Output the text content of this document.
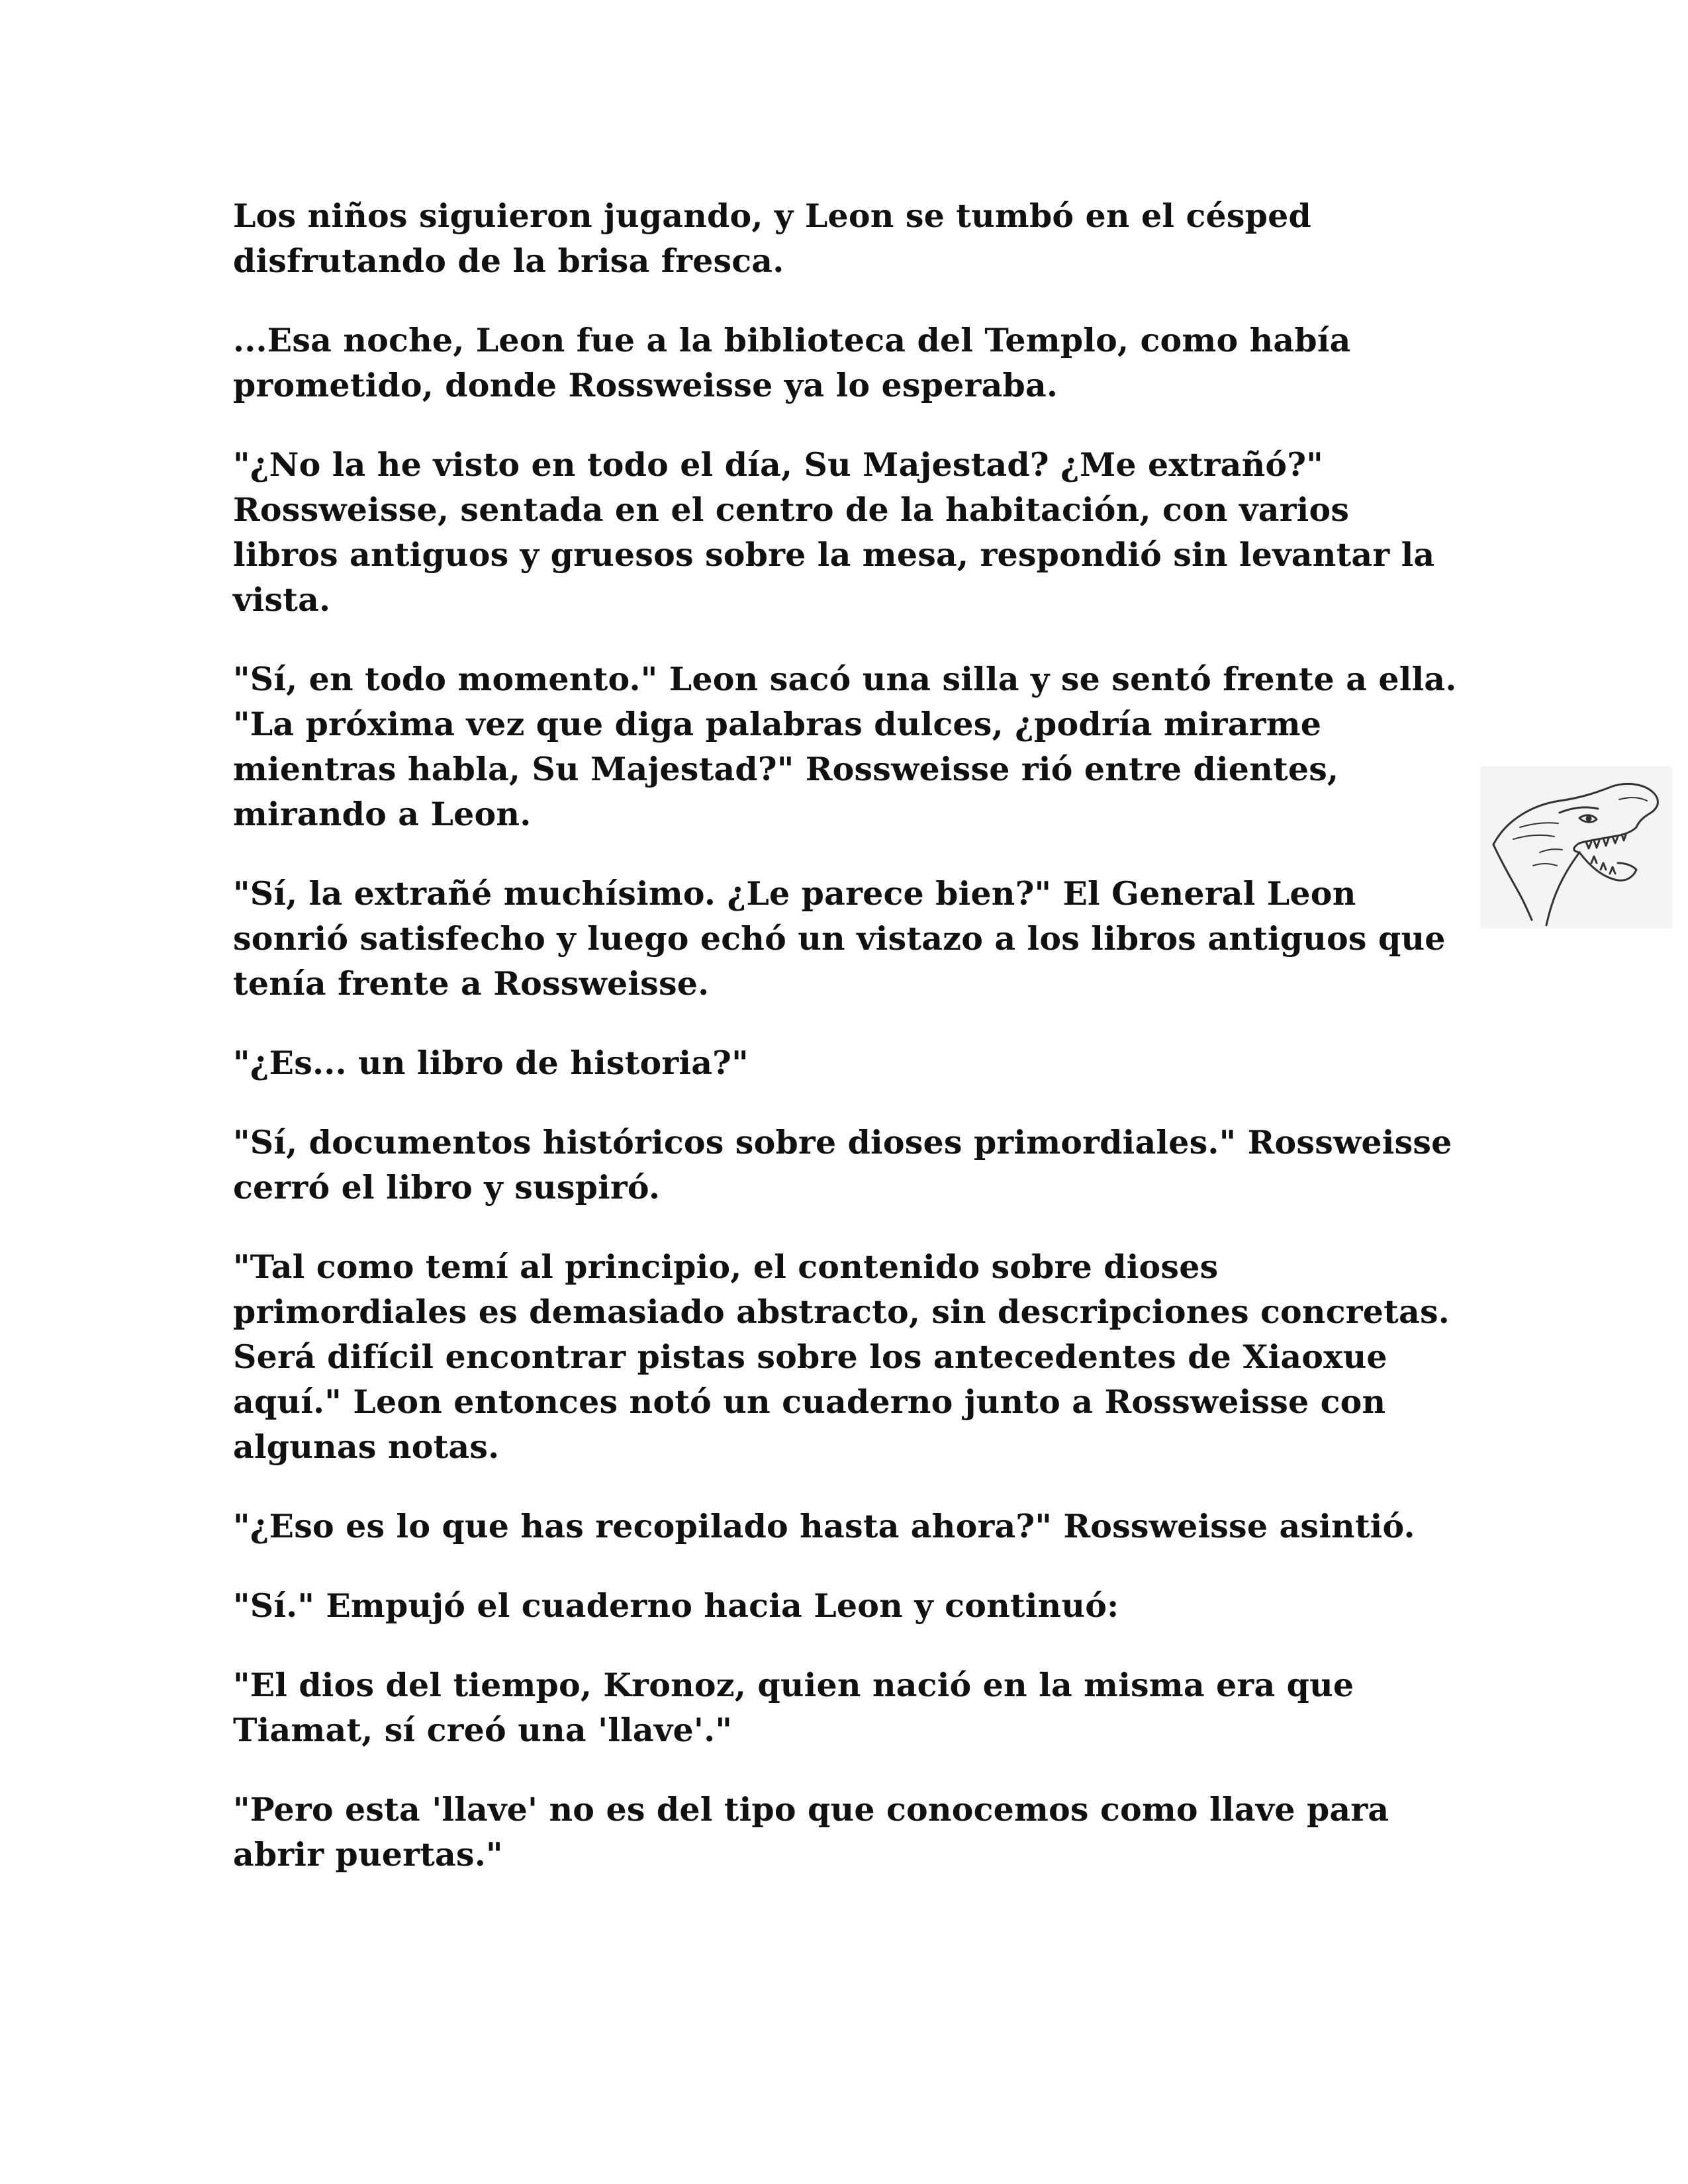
Los niños siguieron jugando, y Leon se tumbó en el césped disfrutando de la brisa fresca.

...Esa noche, Leon fue a la biblioteca del Templo, como había prometido, donde Rossweisse ya lo esperaba.

"¿No la he visto en todo el día, Su Majestad? ¿Me extrañó?" Rossweisse, sentada en el centro de la habitación, con varios libros antiguos y gruesos sobre la mesa, respondió sin levantar la vista.

"Sí, en todo momento." Leon sacó una silla y se sentó frente a ella. "La próxima vez que diga palabras dulces, ¿podría mirarme mientras habla, Su Majestad?" Rossweisse rió entre dientes, mirando a Leon.

"Sí, la extrañé muchísimo. ¿Le parece bien?" El General Leon sonrió satisfecho y luego echó un vistazo a los libros antiguos que tenía frente a Rossweisse.

"¿Es... un libro de historia?"

"Sí, documentos históricos sobre dioses primordiales." Rossweisse cerró el libro y suspiró.

"Tal como temí al principio, el contenido sobre dioses primordiales es demasiado abstracto, sin descripciones concretas. Será difícil encontrar pistas sobre los antecedentes de Xiaoxue aquí." Leon entonces notó un cuaderno junto a Rossweisse con algunas notas.

"¿Eso es lo que has recopilado hasta ahora?" Rossweisse asintió.

"Sí." Empujó el cuaderno hacia Leon y continuó:

"El dios del tiempo, Kronoz, quien nació en la misma era que Tiamat, sí creó una 'llave'."

"Pero esta 'llave' no es del tipo que conocemos como llave para abrir puertas."
